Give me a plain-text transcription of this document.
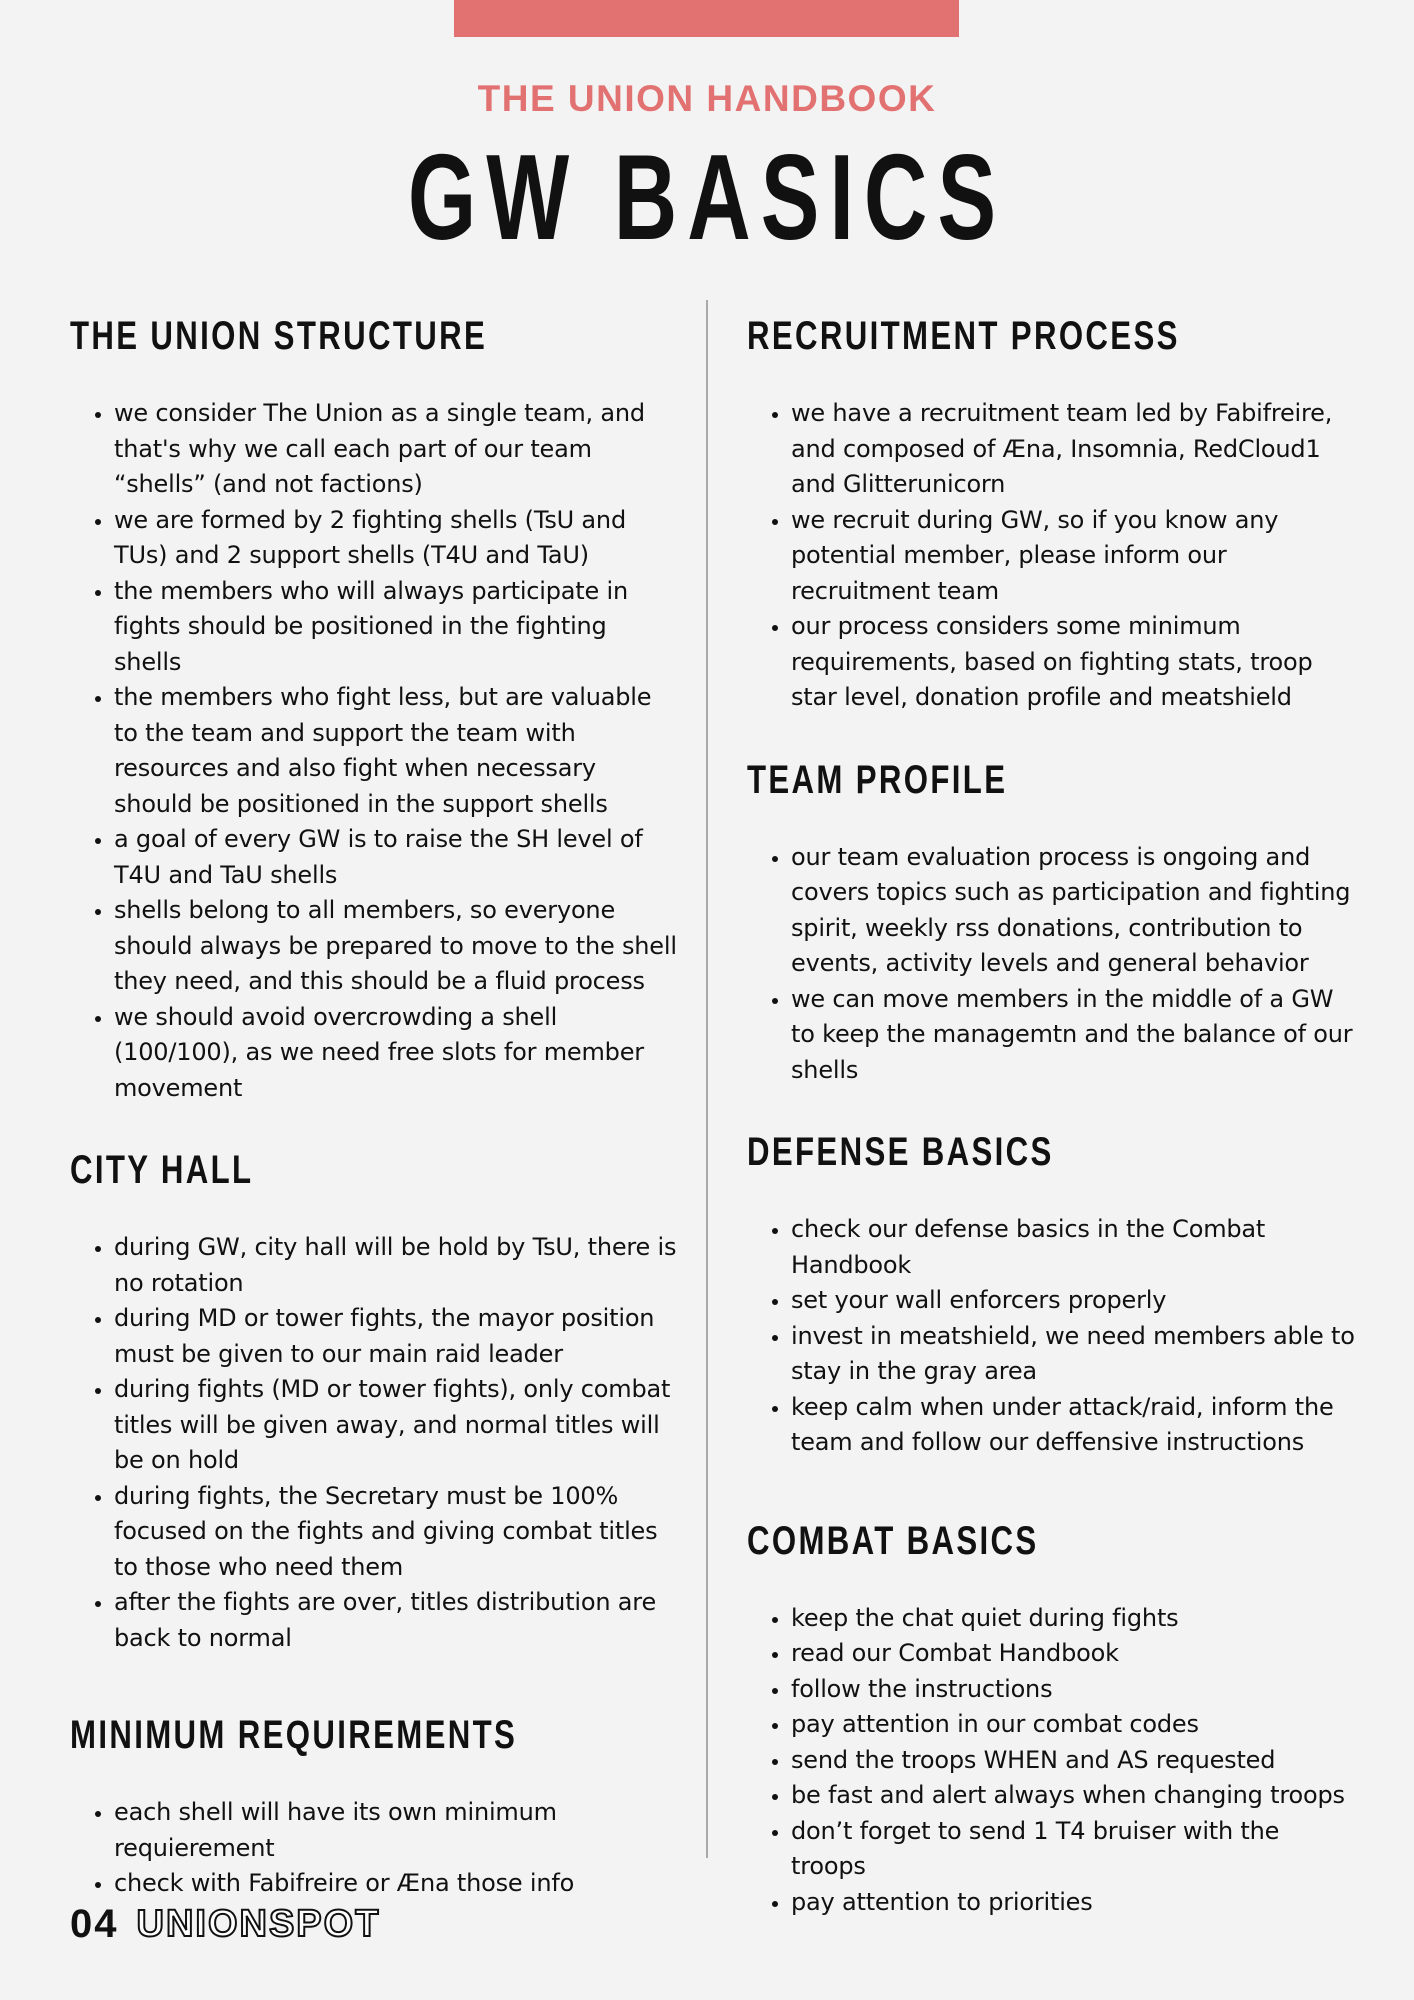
THE UNION HANDBOOK
GW BASICS
THE UNION STRUCTURE
• we consider The Union as a single team, and that's why we call each part of our team “shells” (and not factions)
• we are formed by 2 fighting shells (TsU and TUs) and 2 support shells (T4U and TaU)
• the members who will always participate in fights should be positioned in the fighting shells
• the members who fight less, but are valuable to the team and support the team with resources and also fight when necessary should be positioned in the support shells
• a goal of every GW is to raise the SH level of T4U and TaU shells
• shells belong to all members, so everyone should always be prepared to move to the shell they need, and this should be a fluid process
• we should avoid overcrowding a shell (100/100), as we need free slots for member movement
CITY HALL
• during GW, city hall will be hold by TsU, there is no rotation
• during MD or tower fights, the mayor position must be given to our main raid leader
• during fights (MD or tower fights), only combat titles will be given away, and normal titles will be on hold
• during fights, the Secretary must be 100% focused on the fights and giving combat titles to those who need them
• after the fights are over, titles distribution are back to normal
MINIMUM REQUIREMENTS
• each shell will have its own minimum requierement
• check with Fabifreire or Æna those info
RECRUITMENT PROCESS
• we have a recruitment team led by Fabifreire, and composed of Æna, Insomnia, RedCloud1 and Glitterunicorn
• we recruit during GW, so if you know any potential member, please inform our recruitment team
• our process considers some minimum requirements, based on fighting stats, troop star level, donation profile and meatshield
TEAM PROFILE
• our team evaluation process is ongoing and covers topics such as participation and fighting spirit, weekly rss donations, contribution to events, activity levels and general behavior
• we can move members in the middle of a GW to keep the managemtn and the balance of our shells
DEFENSE BASICS
• check our defense basics in the Combat Handbook
• set your wall enforcers properly
• invest in meatshield, we need members able to stay in the gray area
• keep calm when under attack/raid, inform the team and follow our deffensive instructions
COMBAT BASICS
• keep the chat quiet during fights
• read our Combat Handbook
• follow the instructions
• pay attention in our combat codes
• send the troops WHEN and AS requested
• be fast and alert always when changing troops
• don’t forget to send 1 T4 bruiser with the troops
• pay attention to priorities
04 UNIONSPOT
